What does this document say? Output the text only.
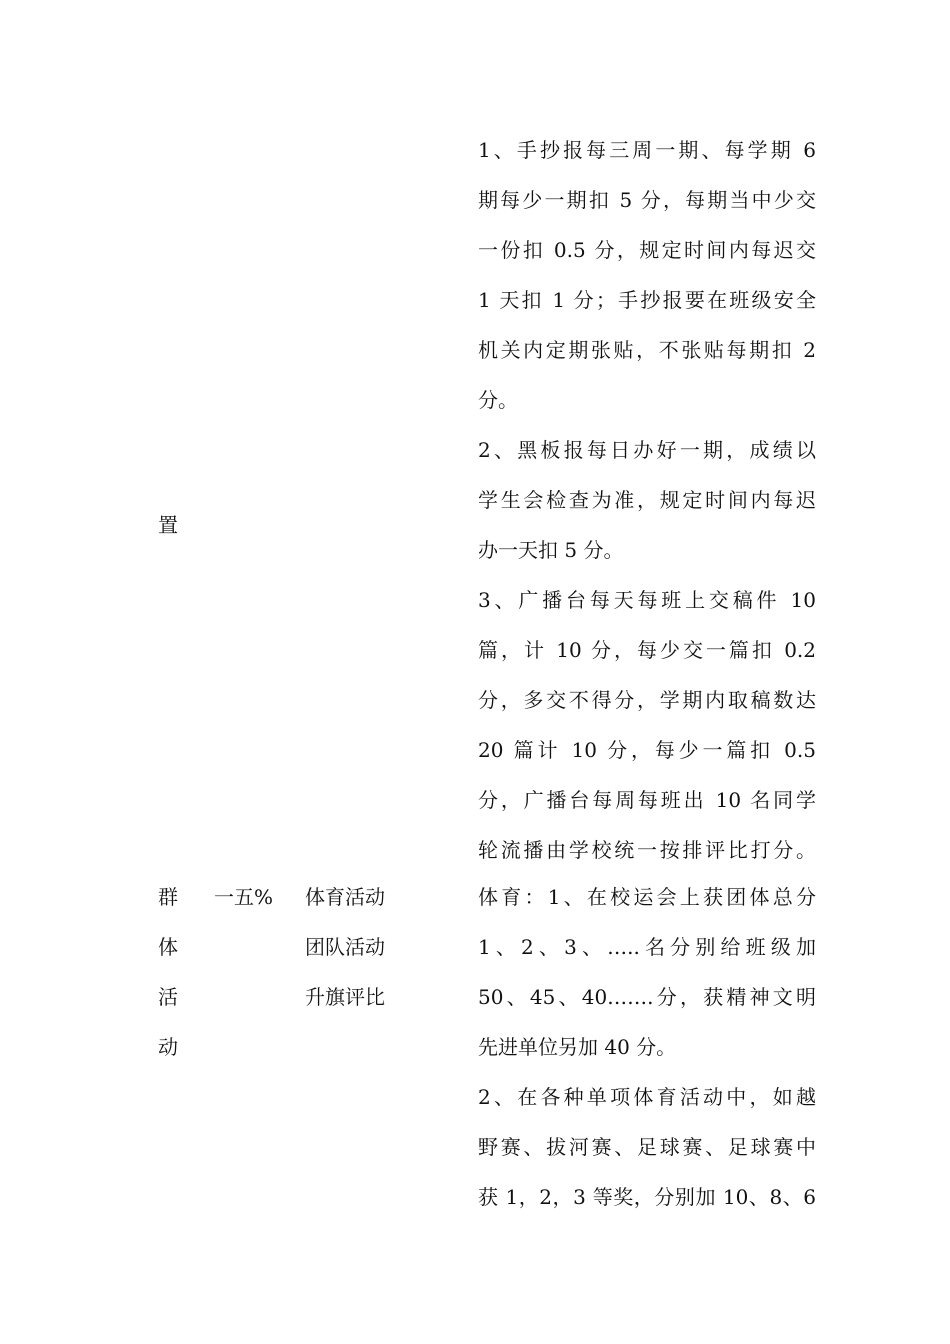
置
群
体
活
动
一五% 体育活动
团队活动
升旗评比
1、手抄报每三周一期、每学期 6
期每少一期扣 5 分，每期当中少交
一份扣 0.5 分，规定时间内每迟交
1 天扣 1 分；手抄报要在班级安全
机关内定期张贴，不张贴每期扣 2
分。
2、黑板报每日办好一期，成绩以
学生会检查为准，规定时间内每迟
办一天扣 5 分。
3、广播台每天每班上交稿件 10
篇，计 10 分，每少交一篇扣 0.2
分，多交不得分，学期内取稿数达
20 篇计 10 分，每少一篇扣 0.5
分，广播台每周每班出 10 名同学
轮流播由学校统一按排评比打分。
体育：1、在校运会上获团体总分
1、2、3、…..名分别给班级加
50、45、40…….分，获精神文明
先进单位另加 40 分。
2、在各种单项体育活动中，如越
野赛、拔河赛、足球赛、足球赛中
获 1，2，3 等奖，分别加 10、8、6
